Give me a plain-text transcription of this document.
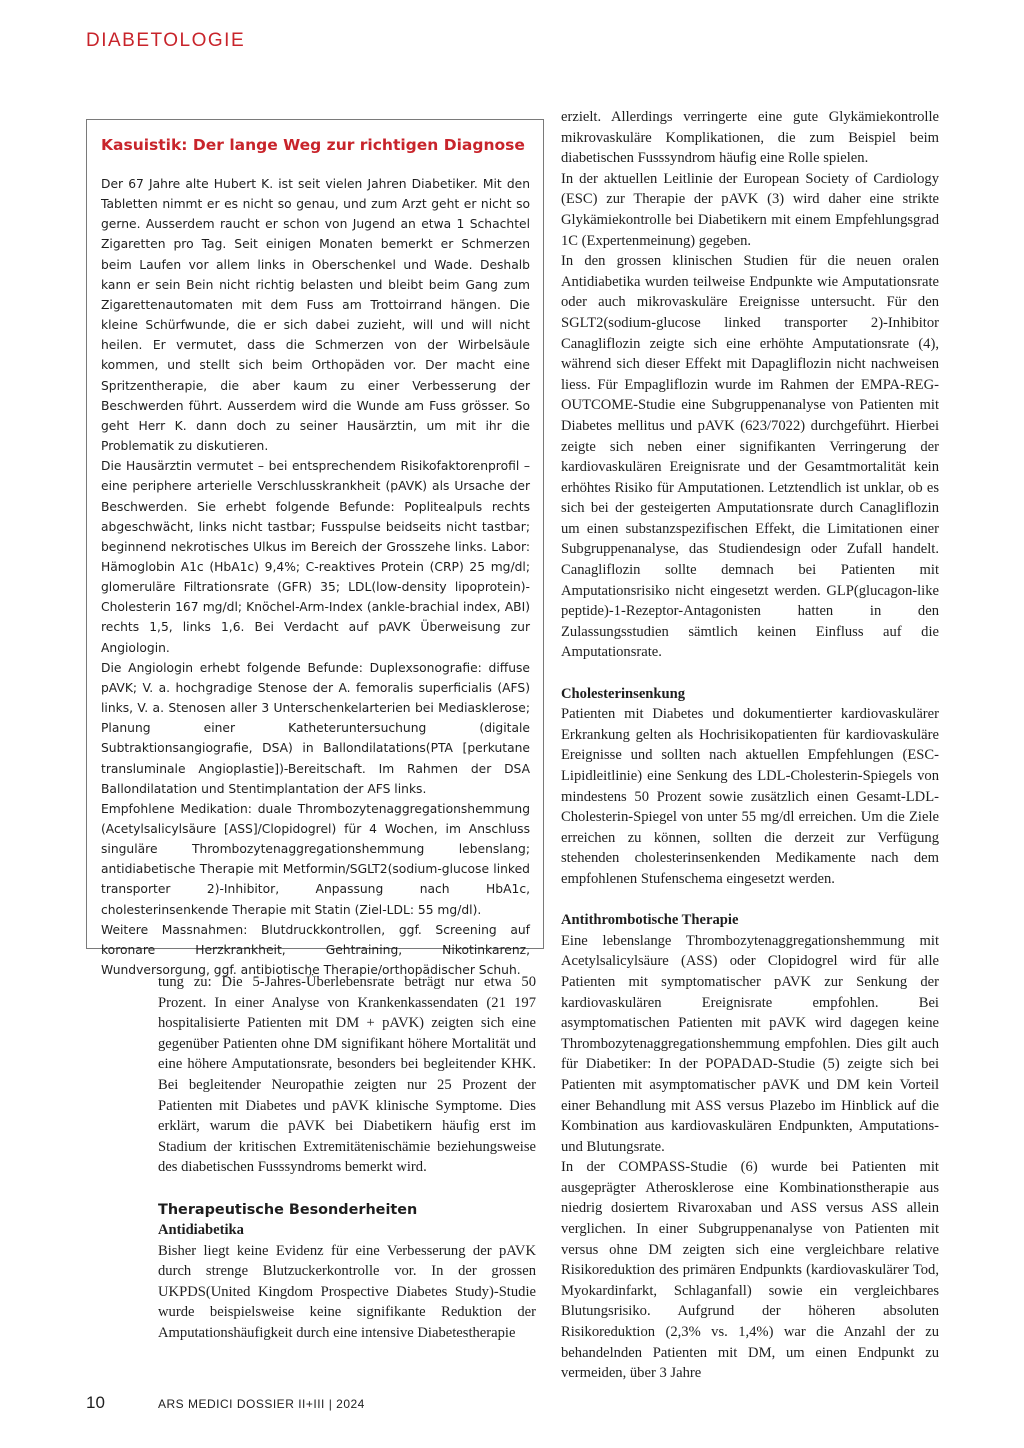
DIABETOLOGIE
Kasuistik: Der lange Weg zur richtigen Diagnose

Der 67 Jahre alte Hubert K. ist seit vielen Jahren Diabetiker. Mit den Tabletten nimmt er es nicht so genau, und zum Arzt geht er nicht so gerne. Ausserdem raucht er schon von Jugend an etwa 1 Schachtel Zigaretten pro Tag. Seit einigen Monaten bemerkt er Schmerzen beim Laufen vor allem links in Oberschenkel und Wade. Deshalb kann er sein Bein nicht richtig belasten und bleibt beim Gang zum Zigarettenautomaten mit dem Fuss am Trottoirrand hängen. Die kleine Schürfwunde, die er sich dabei zuzieht, will und will nicht heilen. Er vermutet, dass die Schmerzen von der Wirbelsäule kommen, und stellt sich beim Orthopäden vor. Der macht eine Spritzentherapie, die aber kaum zu einer Verbesserung der Beschwerden führt. Ausserdem wird die Wunde am Fuss grösser. So geht Herr K. dann doch zu seiner Hausärztin, um mit ihr die Problematik zu diskutieren.

Die Hausärztin vermutet – bei entsprechendem Risikofaktorenprofil – eine periphere arterielle Verschlusskrankheit (pAVK) als Ursache der Beschwerden. Sie erhebt folgende Befunde: Poplitealpuls rechts abgeschwächt, links nicht tastbar; Fusspulse beidseits nicht tastbar; beginnend nekrotisches Ulkus im Bereich der Grosszehe links. Labor: Hämoglobin A1c (HbA1c) 9,4%; C-reaktives Protein (CRP) 25 mg/dl; glomeruläre Filtrationsrate (GFR) 35; LDL(low-density lipoprotein)-Cholesterin 167 mg/dl; Knöchel-Arm-Index (ankle-brachial index, ABI) rechts 1,5, links 1,6. Bei Verdacht auf pAVK Überweisung zur Angiologin.

Die Angiologin erhebt folgende Befunde: Duplexsonografie: diffuse pAVK; V. a. hochgradige Stenose der A. femoralis superficialis (AFS) links, V. a. Stenosen aller 3 Unterschenkelarterien bei Mediasklerose; Planung einer Katheteruntersuchung (digitale Subtraktionsangiografie, DSA) in Ballondilatations(PTA [perkutane transluminale Angioplastie])-Bereitschaft. Im Rahmen der DSA Ballondilatation und Stentimplantation der AFS links.

Empfohlene Medikation: duale Thrombozytenaggregationshemmung (Acetylsalicylsäure [ASS]/Clopidogrel) für 4 Wochen, im Anschluss singuläre Thrombozytenaggregationshemmung lebenslang; antidiabetische Therapie mit Metformin/SGLT2(sodium-glucose linked transporter 2)-Inhibitor, Anpassung nach HbA1c, cholesterinsenkende Therapie mit Statin (Ziel-LDL: 55 mg/dl).

Weitere Massnahmen: Blutdruckkontrollen, ggf. Screening auf koronare Herzkrankheit, Gehtraining, Nikotinkarenz, Wundversorgung, ggf. antibiotische Therapie/orthopädischer Schuh.

tung zu: Die 5-Jahres-Überlebensrate beträgt nur etwa 50 Prozent. In einer Analyse von Krankenkassendaten (21 197 hospitalisierte Patienten mit DM + pAVK) zeigten sich eine gegenüber Patienten ohne DM signifikant höhere Mortalität und eine höhere Amputationsrate, besonders bei begleitender KHK. Bei begleitender Neuropathie zeigten nur 25 Prozent der Patienten mit Diabetes und pAVK klinische Symptome. Dies erklärt, warum die pAVK bei Diabetikern häufig erst im Stadium der kritischen Extremitätenischämie beziehungsweise des diabetischen Fusssyndroms bemerkt wird.

Therapeutische Besonderheiten

Antidiabetika

Bisher liegt keine Evidenz für eine Verbesserung der pAVK durch strenge Blutzuckerkontrolle vor. In der grossen UKPDS(United Kingdom Prospective Diabetes Study)-Studie wurde beispielsweise keine signifikante Reduktion der Amputationshäufigkeit durch eine intensive Diabetestherapie

erzielt. Allerdings verringerte eine gute Glykämiekontrolle mikrovaskuläre Komplikationen, die zum Beispiel beim diabetischen Fusssyndrom häufig eine Rolle spielen.

In der aktuellen Leitlinie der European Society of Cardiology (ESC) zur Therapie der pAVK (3) wird daher eine strikte Glykämiekontrolle bei Diabetikern mit einem Empfehlungsgrad 1C (Expertenmeinung) gegeben.

In den grossen klinischen Studien für die neuen oralen Antidiabetika wurden teilweise Endpunkte wie Amputationsrate oder auch mikrovaskuläre Ereignisse untersucht. Für den SGLT2(sodium-glucose linked transporter 2)-Inhibitor Canagliflozin zeigte sich eine erhöhte Amputationsrate (4), während sich dieser Effekt mit Dapagliflozin nicht nachweisen liess. Für Empagliflozin wurde im Rahmen der EMPA-REG-OUTCOME-Studie eine Subgruppenanalyse von Patienten mit Diabetes mellitus und pAVK (623/7022) durchgeführt. Hierbei zeigte sich neben einer signifikanten Verringerung der kardiovaskulären Ereignisrate und der Gesamtmortalität kein erhöhtes Risiko für Amputationen. Letztendlich ist unklar, ob es sich bei der gesteigerten Amputationsrate durch Canagliflozin um einen substanzspezifischen Effekt, die Limitationen einer Subgruppenanalyse, das Studiendesign oder Zufall handelt. Canagliflozin sollte demnach bei Patienten mit Amputationsrisiko nicht eingesetzt werden. GLP(glucagon-like peptide)-1-Rezeptor-Antagonisten hatten in den Zulassungsstudien sämtlich keinen Einfluss auf die Amputationsrate.

Cholesterinsenkung

Patienten mit Diabetes und dokumentierter kardiovaskulärer Erkrankung gelten als Hochrisikopatienten für kardiovaskuläre Ereignisse und sollten nach aktuellen Empfehlungen (ESC-Lipidleitlinie) eine Senkung des LDL-Cholesterin-Spiegels von mindestens 50 Prozent sowie zusätzlich einen Gesamt-LDL-Cholesterin-Spiegel von unter 55 mg/dl erreichen. Um die Ziele erreichen zu können, sollten die derzeit zur Verfügung stehenden cholesterinsenkenden Medikamente nach dem empfohlenen Stufenschema eingesetzt werden.

Antithrombotische Therapie

Eine lebenslange Thrombozytenaggregationshemmung mit Acetylsalicylsäure (ASS) oder Clopidogrel wird für alle Patienten mit symptomatischer pAVK zur Senkung der kardiovaskulären Ereignisrate empfohlen. Bei asymptomatischen Patienten mit pAVK wird dagegen keine Thrombozytenaggregationshemmung empfohlen. Dies gilt auch für Diabetiker: In der POPADAD-Studie (5) zeigte sich bei Patienten mit asymptomatischer pAVK und DM kein Vorteil einer Behandlung mit ASS versus Plazebo im Hinblick auf die Kombination aus kardiovaskulären Endpunkten, Amputations- und Blutungsrate.

In der COMPASS-Studie (6) wurde bei Patienten mit ausgeprägter Atherosklerose eine Kombinationstherapie aus niedrig dosiertem Rivaroxaban und ASS versus ASS allein verglichen. In einer Subgruppenanalyse von Patienten mit versus ohne DM zeigten sich eine vergleichbare relative Risikoreduktion des primären Endpunkts (kardiovaskulärer Tod, Myokardinfarkt, Schlaganfall) sowie ein vergleichbares Blutungsrisiko. Aufgrund der höheren absoluten Risikoreduktion (2,3% vs. 1,4%) war die Anzahl der zu behandelnden Patienten mit DM, um einen Endpunkt zu vermeiden, über 3 Jahre

10	ARS MEDICI DOSSIER II+III | 2024
